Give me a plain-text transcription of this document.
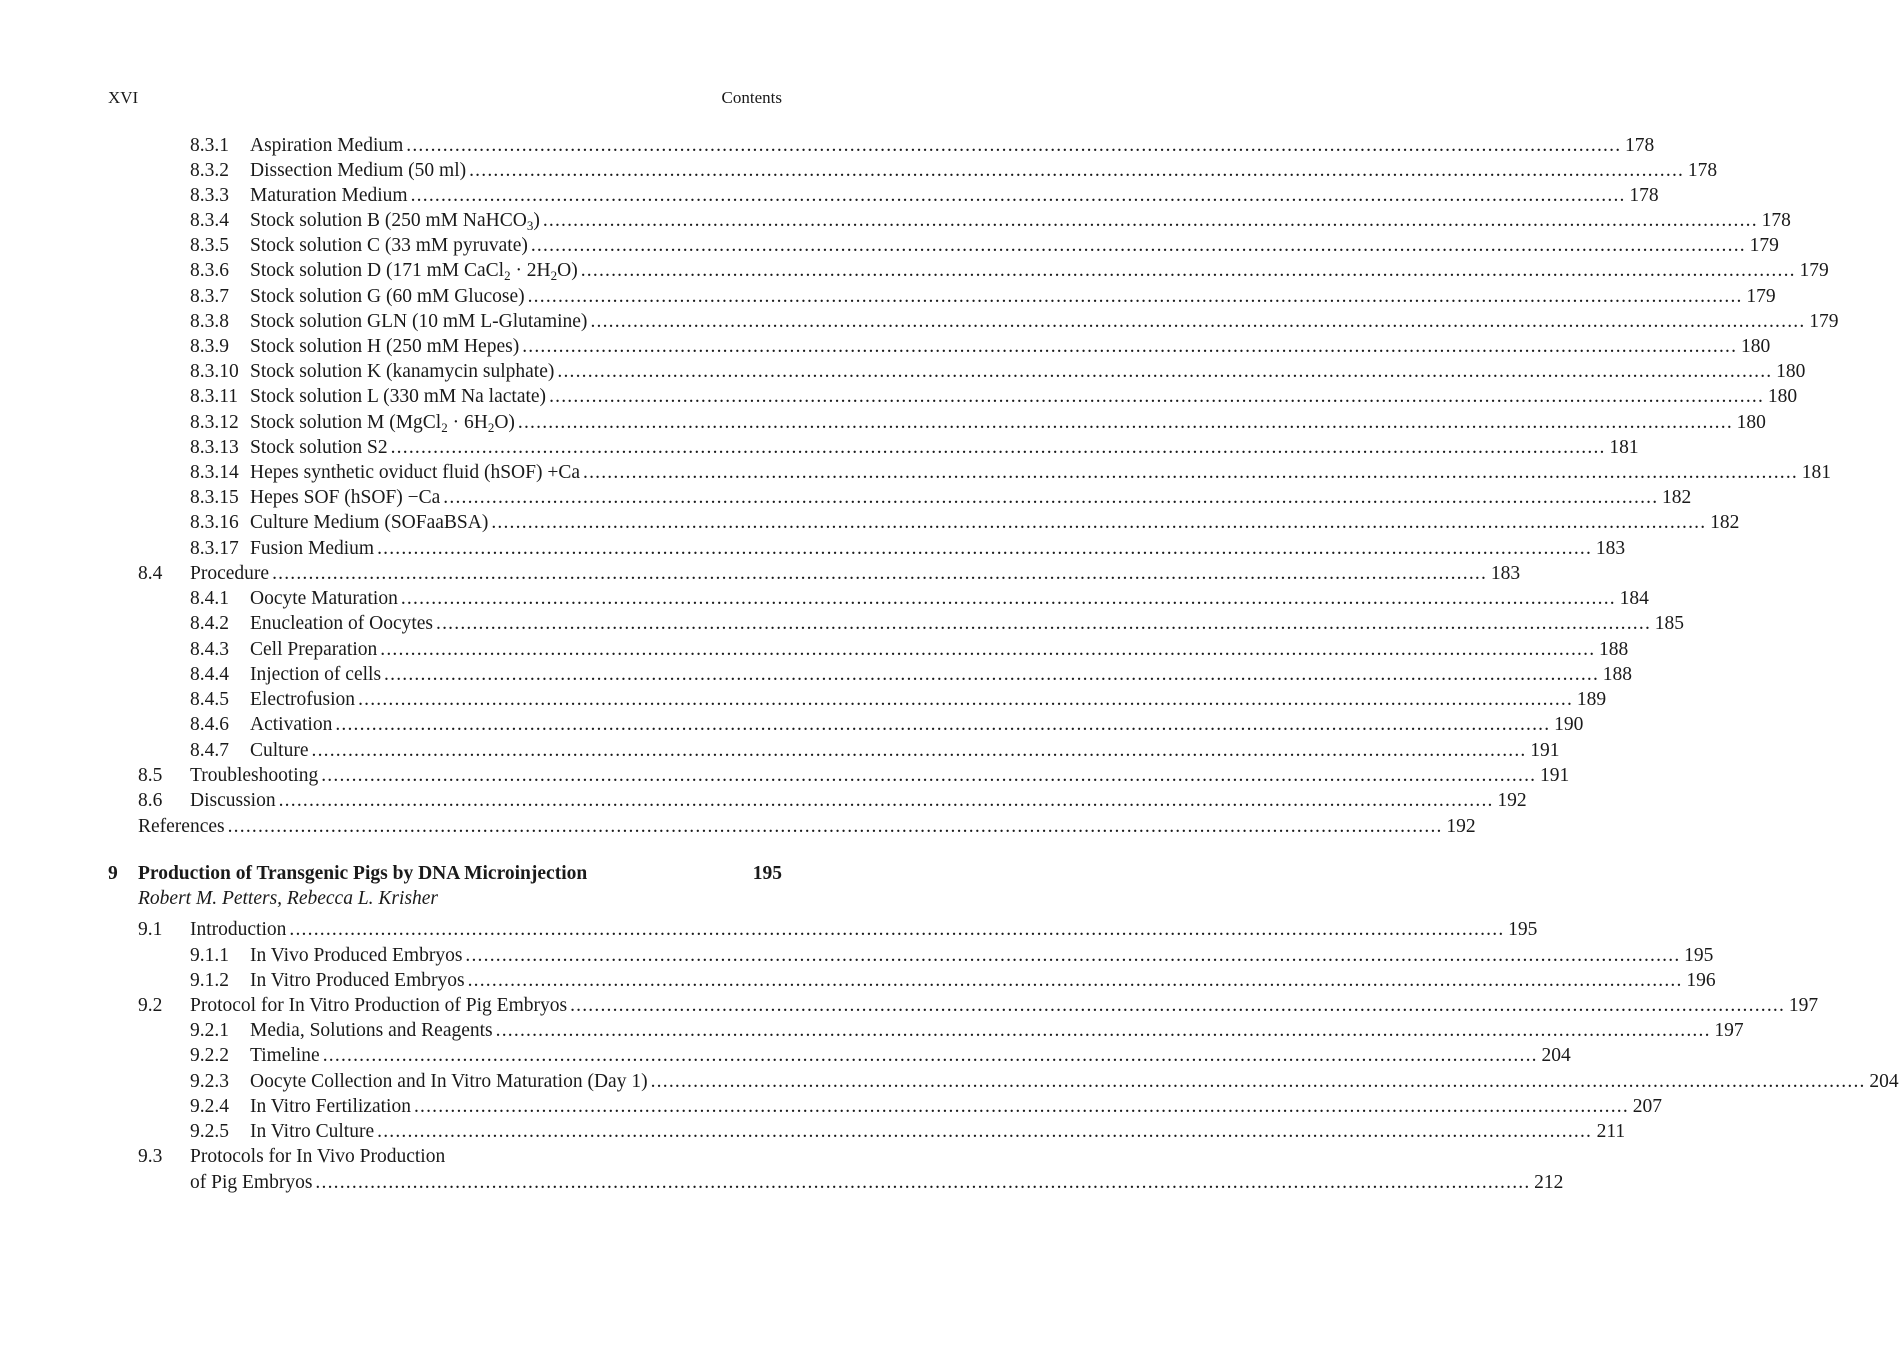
XVI	Contents
8.3.1 Aspiration Medium ........................................................................................................................................................................................................ 178
8.3.2 Dissection Medium (50 ml) ........................................................................................................................................................................................................ 178
8.3.3 Maturation Medium ........................................................................................................................................................................................................ 178
8.3.4 Stock solution B (250 mM NaHCO$_3$) ........................................................................................................................................................................................................ 178
8.3.5 Stock solution C (33 mM pyruvate) ........................................................................................................................................................................................................ 179
8.3.6 Stock solution D (171 mM CaCl$_2$ · $2H_2O$) ........................................................................................................................................................................................................ 179
8.3.7 Stock solution G (60 mM Glucose) ........................................................................................................................................................................................................ 179
8.3.8 Stock solution GLN (10 mM L-Glutamine) ........................................................................................................................................................................................................ 179
8.3.9 Stock solution H (250 mM Hepes) ........................................................................................................................................................................................................ 180
8.3.10 Stock solution K (kanamycin sulphate) ........................................................................................................................................................................................................ 180
8.3.11 Stock solution L (330 mM Na lactate) ........................................................................................................................................................................................................ 180
8.3.12 Stock solution M (MgCl$_2$ · $6H_2O$) ........................................................................................................................................................................................................ 180
8.3.13 Stock solution S2 ........................................................................................................................................................................................................ 181
8.3.14 Hepes synthetic oviduct fluid (hSOF) +Ca ........................................................................................................................................................................................................ 181
8.3.15 Hepes SOF (hSOF) −Ca ........................................................................................................................................................................................................ 182
8.3.16 Culture Medium (SOFaaBSA) ........................................................................................................................................................................................................ 182
8.3.17 Fusion Medium ........................................................................................................................................................................................................ 183
8.4 Procedure ........................................................................................................................................................................................................ 183
8.4.1 Oocyte Maturation ........................................................................................................................................................................................................ 184
8.4.2 Enucleation of Oocytes ........................................................................................................................................................................................................ 185
8.4.3 Cell Preparation ........................................................................................................................................................................................................ 188
8.4.4 Injection of cells ........................................................................................................................................................................................................ 188
8.4.5 Electrofusion ........................................................................................................................................................................................................ 189
8.4.6 Activation ........................................................................................................................................................................................................ 190
8.4.7 Culture ........................................................................................................................................................................................................ 191
8.5 Troubleshooting ........................................................................................................................................................................................................ 191
8.6 Discussion ........................................................................................................................................................................................................ 192
References ........................................................................................................................................................................................................ 192
9 Production of Transgenic Pigs by DNA Microinjection	195
9.1 Introduction ........................................................................................................................................................................................................ 195
9.1.1 In Vivo Produced Embryos ........................................................................................................................................................................................................ 195
9.1.2 In Vitro Produced Embryos ........................................................................................................................................................................................................ 196
9.2 Protocol for In Vitro Production of Pig Embryos ........................................................................................................................................................................................................ 197
9.2.1 Media, Solutions and Reagents ........................................................................................................................................................................................................ 197
9.2.2 Timeline ........................................................................................................................................................................................................ 204
9.2.3 Oocyte Collection and In Vitro Maturation (Day 1) ........................................................................................................................................................................................................ 204
9.2.4 In Vitro Fertilization ........................................................................................................................................................................................................ 207
9.2.5 In Vitro Culture ........................................................................................................................................................................................................ 211
9.3 Protocols for In Vivo Production
of Pig Embryos ........................................................................................................................................................................................................ 212
Robert M. Petters, Rebecca L. Krisher
